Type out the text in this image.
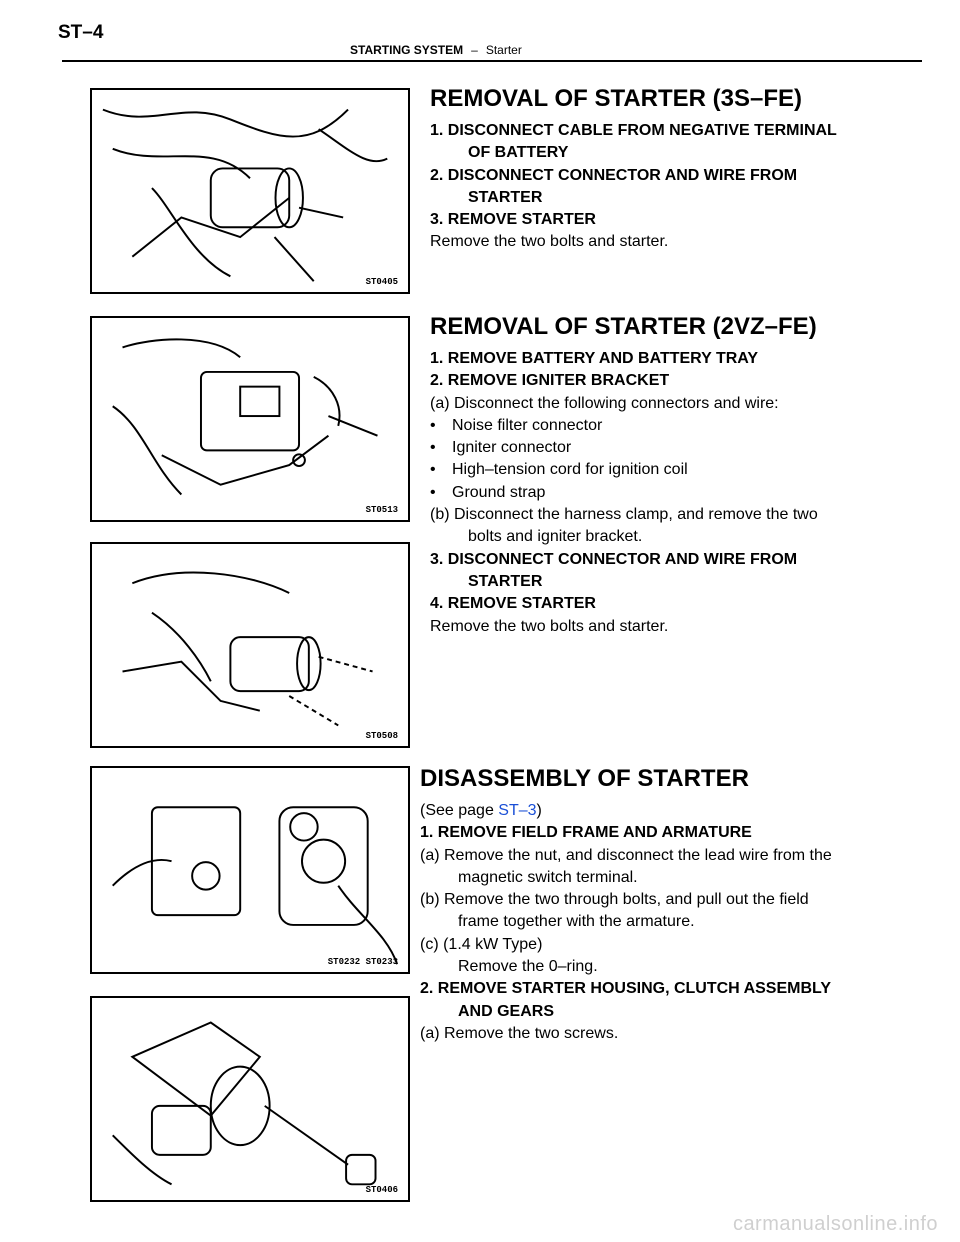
ST–4
STARTING SYSTEM – Starter
ST0405
ST0513
ST0508
ST0232 ST0233
ST0406
REMOVAL OF STARTER (3S–FE)

1. DISCONNECT CABLE FROM NEGATIVE TERMINAL

OF BATTERY

2. DISCONNECT CONNECTOR AND WIRE FROM

STARTER

3. REMOVE STARTER

Remove the two bolts and starter.

REMOVAL OF STARTER (2VZ–FE)

1. REMOVE BATTERY AND BATTERY TRAY

2. REMOVE IGNITER BRACKET

(a) Disconnect the following connectors and wire:

• Noise filter connector

• Igniter connector

• High–tension cord for ignition coil

• Ground strap

(b) Disconnect the harness clamp, and remove the two

bolts and igniter bracket.

3. DISCONNECT CONNECTOR AND WIRE FROM

STARTER

4. REMOVE STARTER

Remove the two bolts and starter.

DISASSEMBLY OF STARTER

(See page ST–3)

1. REMOVE FIELD FRAME AND ARMATURE

(a) Remove the nut, and disconnect the lead wire from the

magnetic switch terminal.

(b) Remove the two through bolts, and pull out the field

frame together with the armature.

(c) (1.4 kW Type)

Remove the 0–ring.

2. REMOVE STARTER HOUSING, CLUTCH ASSEMBLY

AND GEARS

(a) Remove the two screws.

carmanualsonline.info
